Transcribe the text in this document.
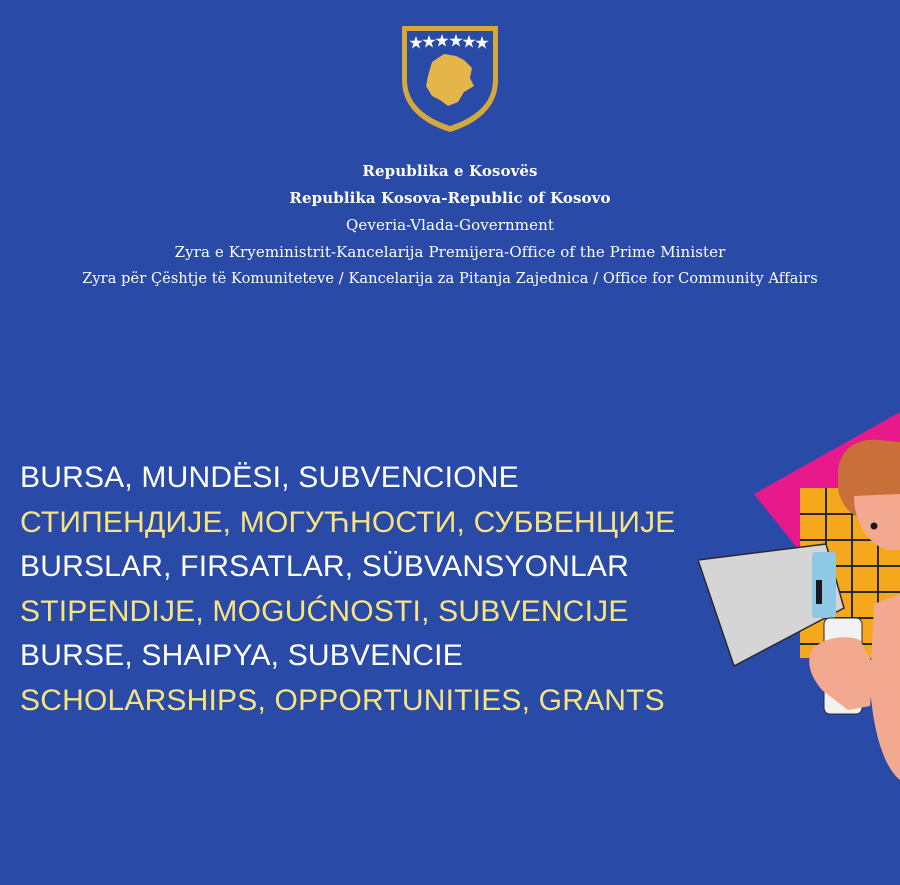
Republika e Kosovës
Republika Kosova-Republic of Kosovo
Qeveria-Vlada-Government
Zyra e Kryeministrit-Kancelarija Premijera-Office of the Prime Minister
Zyra për Çështje të Komuniteteve / Kancelarija za Pitanja Zajednica / Office for Community Affairs
BURSA, MUNDËSI, SUBVENCIONE
СТИПЕНДИЈЕ, МОГУЋНОСТИ, СУБВЕНЦИЈЕ
BURSLAR, FIRSATLAR, SÜBVANSYONLAR
STIPENDIJE, MOGUĆNOSTI, SUBVENCIJE
BURSE, SHAIPYA, SUBVENCIE
SCHOLARSHIPS, OPPORTUNITIES, GRANTS
